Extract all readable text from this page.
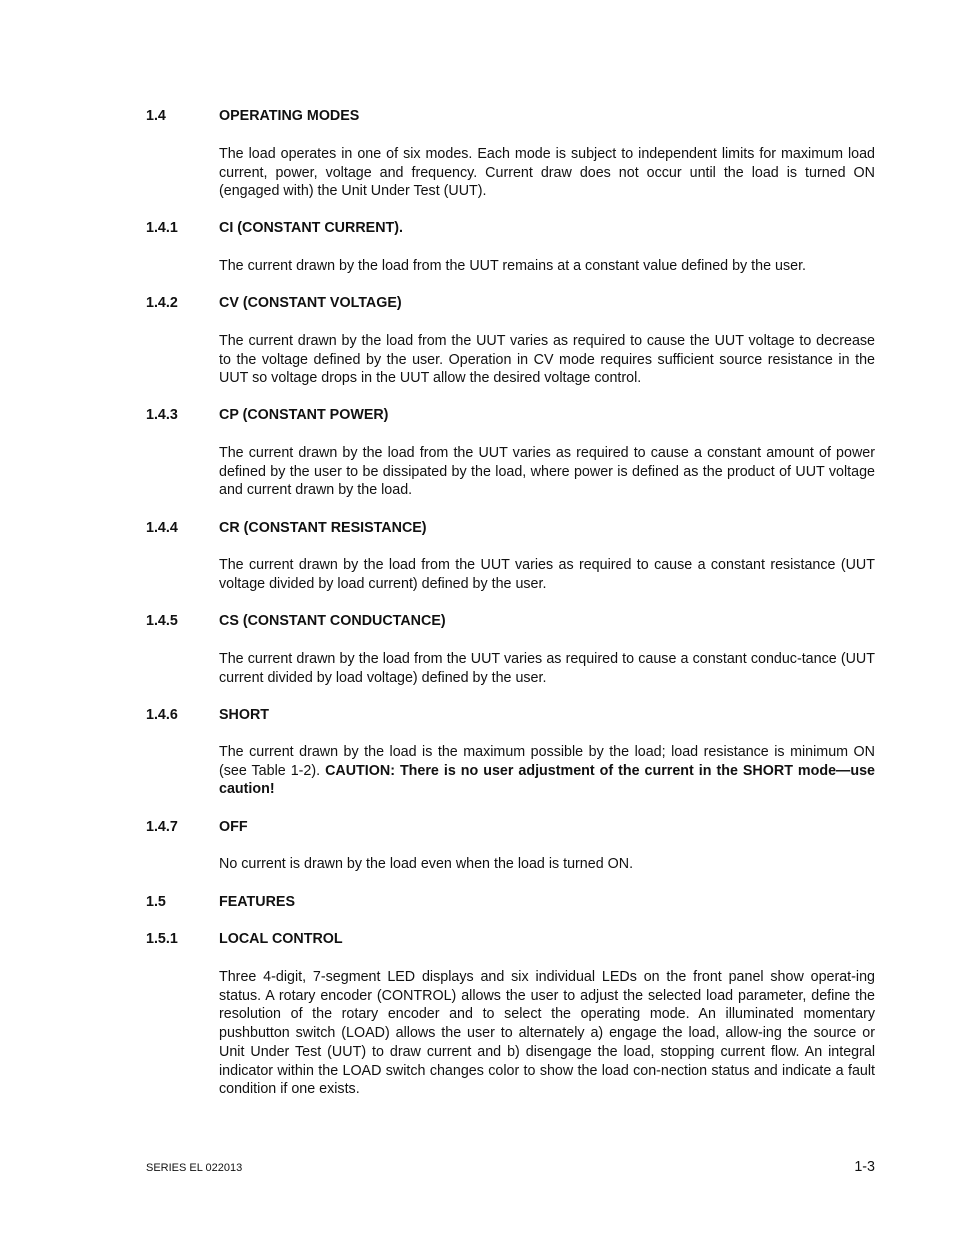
1.4	OPERATING MODES
The load operates in one of six modes. Each mode is subject to independent limits for maximum load current, power, voltage and frequency. Current draw does not occur until the load is turned ON (engaged with) the Unit Under Test (UUT).
1.4.1	CI (CONSTANT CURRENT).
The current drawn by the load from the UUT remains at a constant value defined by the user.
1.4.2	CV (CONSTANT VOLTAGE)
The current drawn by the load from the UUT varies as required to cause the UUT voltage to decrease to the voltage defined by the user. Operation in CV mode requires sufficient source resistance in the UUT so voltage drops in the UUT allow the desired voltage control.
1.4.3	CP (CONSTANT POWER)
The current drawn by the load from the UUT varies as required to cause a constant amount of power defined by the user to be dissipated by the load, where power is defined as the product of UUT voltage and current drawn by the load.
1.4.4	CR (CONSTANT RESISTANCE)
The current drawn by the load from the UUT varies as required to cause a constant resistance (UUT voltage divided by load current) defined by the user.
1.4.5	CS (CONSTANT CONDUCTANCE)
The current drawn by the load from the UUT varies as required to cause a constant conduc-tance (UUT current divided by load voltage) defined by the user.
1.4.6	SHORT
The current drawn by the load is the maximum possible by the load; load resistance is minimum ON (see Table 1-2). CAUTION: There is no user adjustment of the current in the SHORT mode—use caution!
1.4.7	OFF
No current is drawn by the load even when the load is turned ON.
1.5	FEATURES
1.5.1	LOCAL CONTROL
Three 4-digit, 7-segment LED displays and six individual LEDs on the front panel show operat-ing status. A rotary encoder (CONTROL) allows the user to adjust the selected load parameter, define the resolution of the rotary encoder and to select the operating mode. An illuminated momentary pushbutton switch (LOAD) allows the user to alternately a) engage the load, allow-ing the source or Unit Under Test (UUT) to draw current and b) disengage the load, stopping current flow. An integral indicator within the LOAD switch changes color to show the load con-nection status and indicate a fault condition if one exists.
SERIES EL 022013	1-3
